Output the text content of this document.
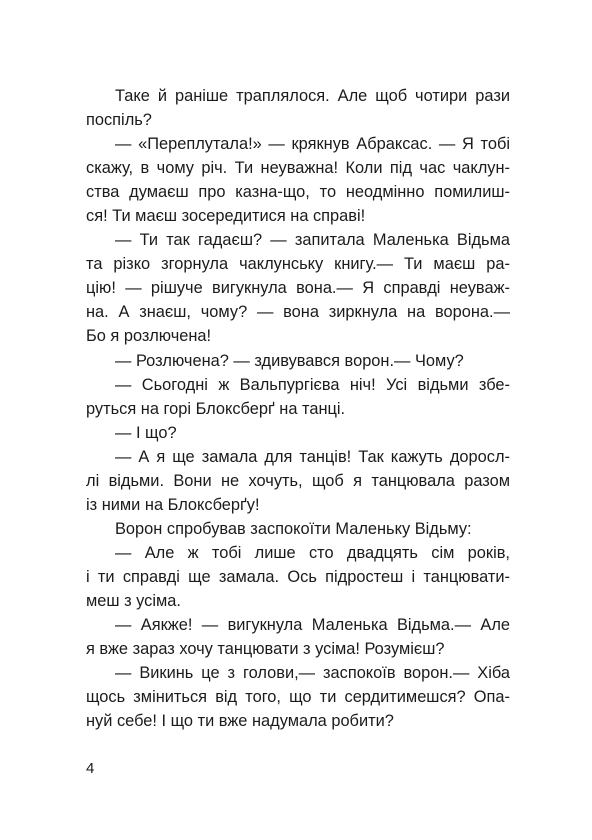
Таке й раніше траплялося. Але щоб чотири рази
поспіль?
— «Переплутала!» — крякнув Абраксас. — Я тобі
скажу, в чому річ. Ти неуважна! Коли під час чаклун-
ства думаєш про казна-що, то неодмінно помилиш-
ся! Ти маєш зосередитися на справі!
— Ти так гадаєш? — запитала Маленька Відьма
та різко згорнула чаклунську книгу.— Ти маєш ра-
цію! — рішуче вигукнула вона.— Я справді неуваж-
на. А знаєш, чому? — вона зиркнула на ворона.—
Бо я розлючена!
— Розлючена? — здивувався ворон.— Чому?
— Сьогодні ж Вальпургієва ніч! Усі відьми збе-
руться на горі Блоксберґ на танці.
— І що?
— А я ще замала для танців! Так кажуть доросл-
лі відьми. Вони не хочуть, щоб я танцювала разом
із ними на Блоксберґу!
Ворон спробував заспокоїти Маленьку Відьму:
— Але ж тобі лише сто двадцять сім років,
і ти справді ще замала. Ось підростеш і танцювати-
меш з усіма.
— Аякже! — вигукнула Маленька Відьма.— Але
я вже зараз хочу танцювати з усіма! Розумієш?
— Викинь це з голови,— заспокоїв ворон.— Хіба
щось зміниться від того, що ти сердитимешся? Опа-
нуй себе! І що ти вже надумала робити?
4
